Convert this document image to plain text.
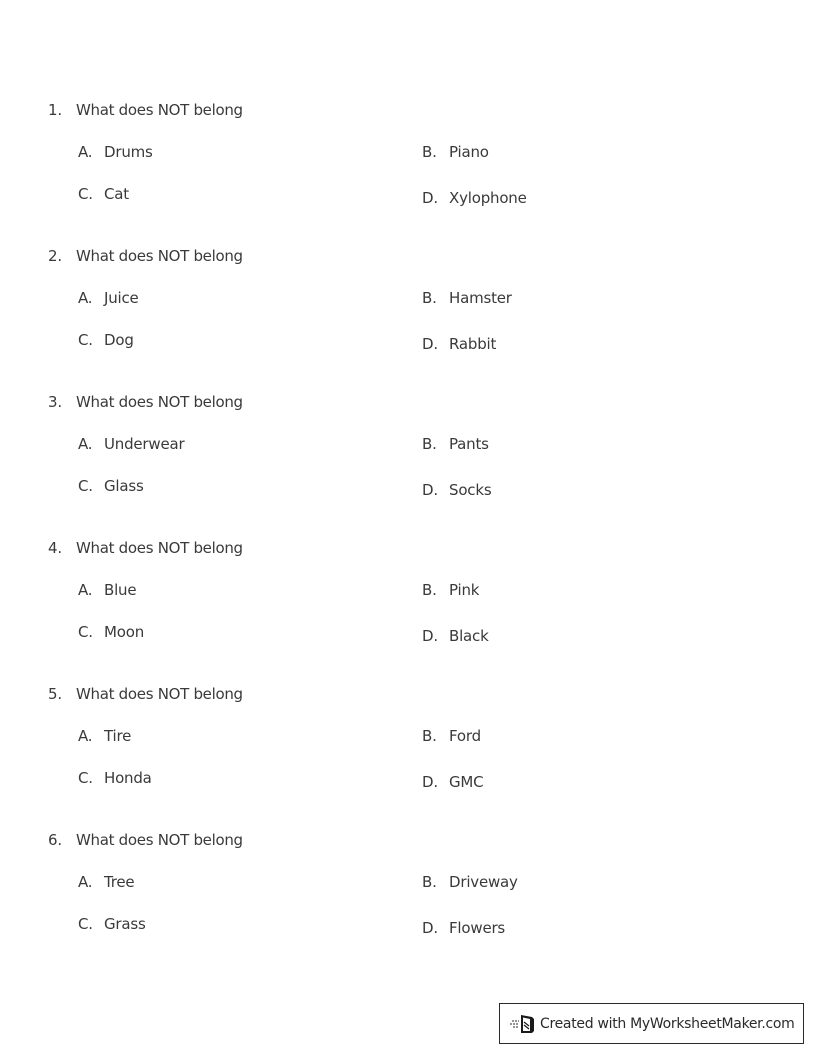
1. What does NOT belong
A. Drums	B. Piano
C. Cat	D. Xylophone
2. What does NOT belong
A. Juice	B. Hamster
C. Dog	D. Rabbit
3. What does NOT belong
A. Underwear	B. Pants
C. Glass	D. Socks
4. What does NOT belong
A. Blue	B. Pink
C. Moon	D. Black
5. What does NOT belong
A. Tire	B. Ford
C. Honda	D. GMC
6. What does NOT belong
A. Tree	B. Driveway
C. Grass	D. Flowers
Created with MyWorksheetMaker.com
